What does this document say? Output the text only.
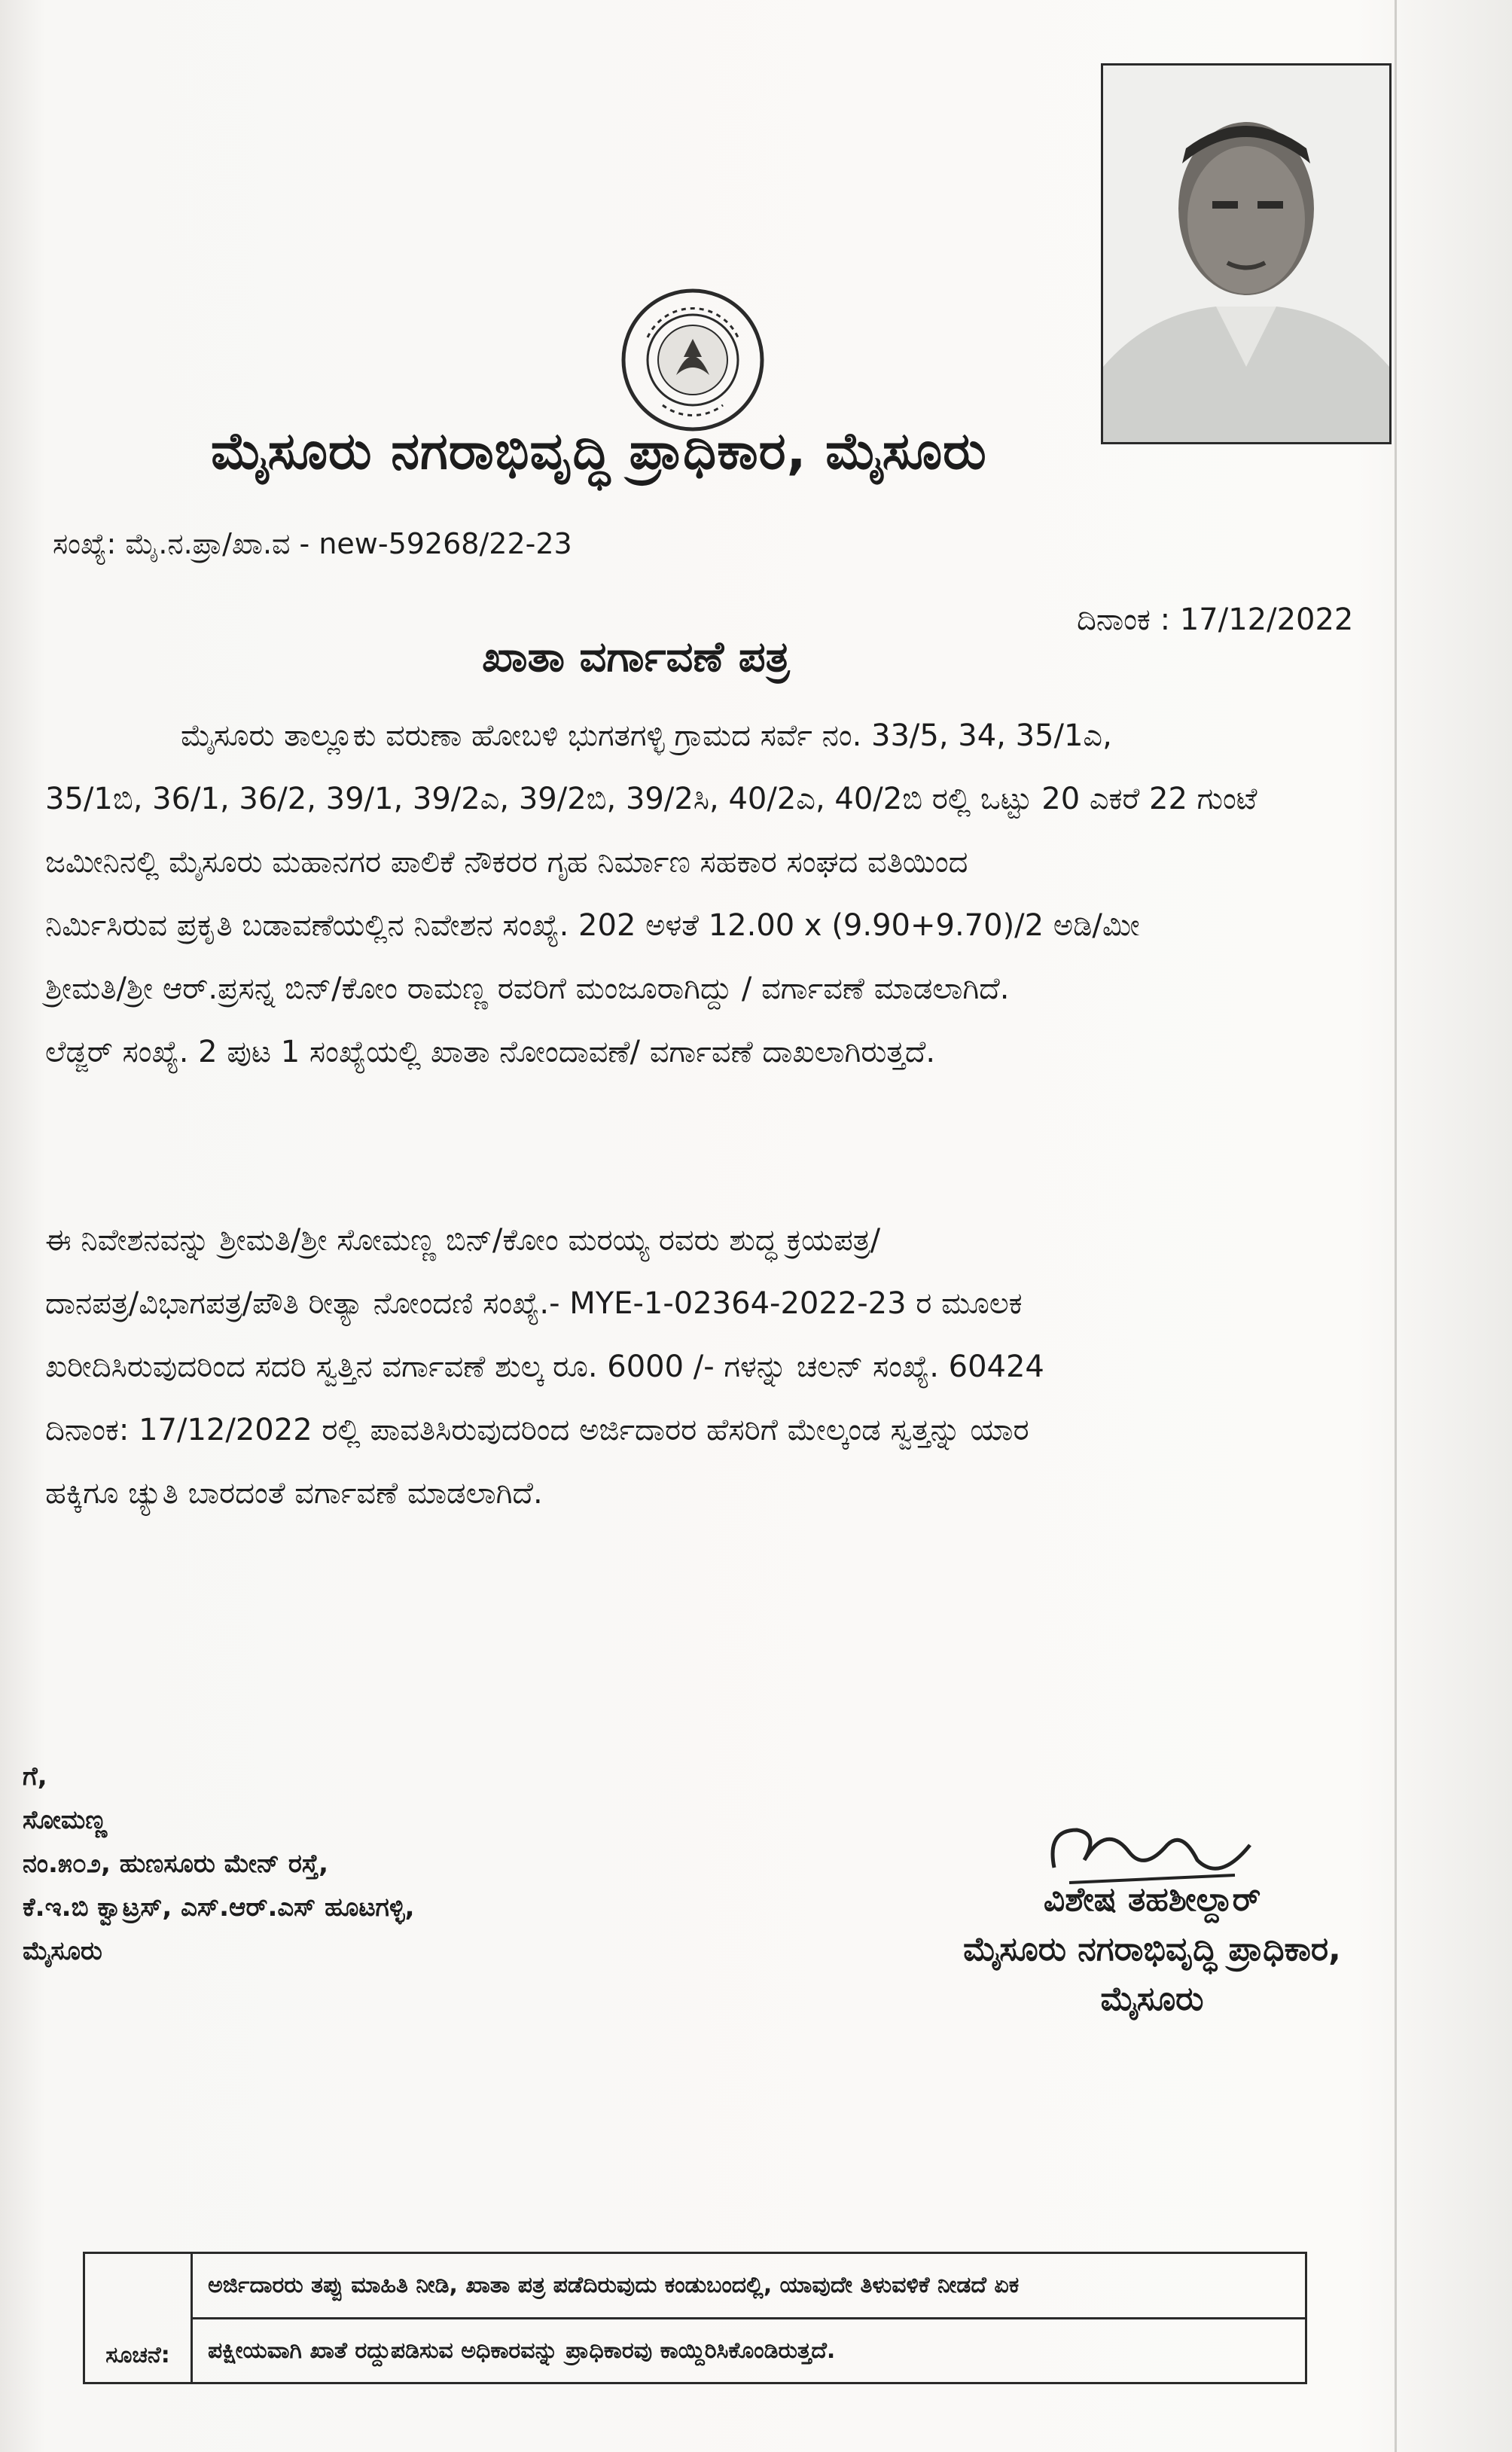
ಮೈಸೂರು ನಗರಾಭಿವೃದ್ಧಿ ಪ್ರಾಧಿಕಾರ, ಮೈಸೂರು
ಸಂಖ್ಯೆ: ಮೈ.ನ.ಪ್ರಾ/ಖಾ.ವ - new-59268/22-23
ದಿನಾಂಕ : 17/12/2022
ಖಾತಾ ವರ್ಗಾವಣೆ ಪತ್ರ
ಮೈಸೂರು ತಾಲ್ಲೂಕು ವರುಣಾ ಹೋಬಳಿ ಭುಗತಗಳ್ಳಿ ಗ್ರಾಮದ ಸರ್ವೆ ನಂ. 33/5, 34, 35/1ಎ,
35/1ಬಿ, 36/1, 36/2, 39/1, 39/2ಎ, 39/2ಬಿ, 39/2ಸಿ, 40/2ಎ, 40/2ಬಿ ರಲ್ಲಿ ಒಟ್ಟು 20 ಎಕರೆ 22 ಗುಂಟೆ
ಜಮೀನಿನಲ್ಲಿ ಮೈಸೂರು ಮಹಾನಗರ ಪಾಲಿಕೆ ನೌಕರರ ಗೃಹ ನಿರ್ಮಾಣ ಸಹಕಾರ ಸಂಘದ ವತಿಯಿಂದ
ನಿರ್ಮಿಸಿರುವ ಪ್ರಕೃತಿ ಬಡಾವಣೆಯಲ್ಲಿನ ನಿವೇಶನ ಸಂಖ್ಯೆ. 202 ಅಳತೆ 12.00 x (9.90+9.70)/2 ಅಡಿ/ಮೀ
ಶ್ರೀಮತಿ/ಶ್ರೀ ಆರ್.ಪ್ರಸನ್ನ ಬಿನ್/ಕೋಂ ರಾಮಣ್ಣ ರವರಿಗೆ ಮಂಜೂರಾಗಿದ್ದು / ವರ್ಗಾವಣೆ ಮಾಡಲಾಗಿದೆ.
ಲೆಡ್ಜರ್ ಸಂಖ್ಯೆ. 2 ಪುಟ 1 ಸಂಖ್ಯೆಯಲ್ಲಿ ಖಾತಾ ನೋಂದಾವಣೆ/ ವರ್ಗಾವಣೆ ದಾಖಲಾಗಿರುತ್ತದೆ.
ಈ ನಿವೇಶನವನ್ನು ಶ್ರೀಮತಿ/ಶ್ರೀ ಸೋಮಣ್ಣ ಬಿನ್/ಕೋಂ ಮರಯ್ಯ ರವರು ಶುದ್ಧ ಕ್ರಯಪತ್ರ/
ದಾನಪತ್ರ/ವಿಭಾಗಪತ್ರ/ಪೌತಿ ರೀತ್ಯಾ ನೋಂದಣಿ ಸಂಖ್ಯೆ.- MYE-1-02364-2022-23 ರ ಮೂಲಕ
ಖರೀದಿಸಿರುವುದರಿಂದ ಸದರಿ ಸ್ವತ್ತಿನ ವರ್ಗಾವಣೆ ಶುಲ್ಕ ರೂ. 6000 /- ಗಳನ್ನು ಚಲನ್ ಸಂಖ್ಯೆ. 60424
ದಿನಾಂಕ: 17/12/2022 ರಲ್ಲಿ ಪಾವತಿಸಿರುವುದರಿಂದ ಅರ್ಜಿದಾರರ ಹೆಸರಿಗೆ ಮೇಲ್ಕಂಡ ಸ್ವತ್ತನ್ನು ಯಾರ
ಹಕ್ಕಿಗೂ ಚ್ಯುತಿ ಬಾರದಂತೆ ವರ್ಗಾವಣೆ ಮಾಡಲಾಗಿದೆ.
ಗೆ,
ಸೋಮಣ್ಣ
ನಂ.೫೦೨, ಹುಣಸೂರು ಮೇನ್ ರಸ್ತೆ,
ಕೆ.ಇ.ಬಿ ಕ್ವಾಟ್ರಸ್, ಎಸ್.ಆರ್.ಎಸ್ ಹೂಟಗಳ್ಳಿ,
ಮೈಸೂರು
ವಿಶೇಷ ತಹಶೀಲ್ದಾರ್
ಮೈಸೂರು ನಗರಾಭಿವೃದ್ಧಿ ಪ್ರಾಧಿಕಾರ,
ಮೈಸೂರು
ಸೂಚನೆ:
ಅರ್ಜಿದಾರರು ತಪ್ಪು ಮಾಹಿತಿ ನೀಡಿ, ಖಾತಾ ಪತ್ರ ಪಡೆದಿರುವುದು ಕಂಡುಬಂದಲ್ಲಿ, ಯಾವುದೇ ತಿಳುವಳಿಕೆ ನೀಡದೆ ಏಕ
ಪಕ್ಷೀಯವಾಗಿ ಖಾತೆ ರದ್ದುಪಡಿಸುವ ಅಧಿಕಾರವನ್ನು ಪ್ರಾಧಿಕಾರವು ಕಾಯ್ದಿರಿಸಿಕೊಂಡಿರುತ್ತದೆ.
